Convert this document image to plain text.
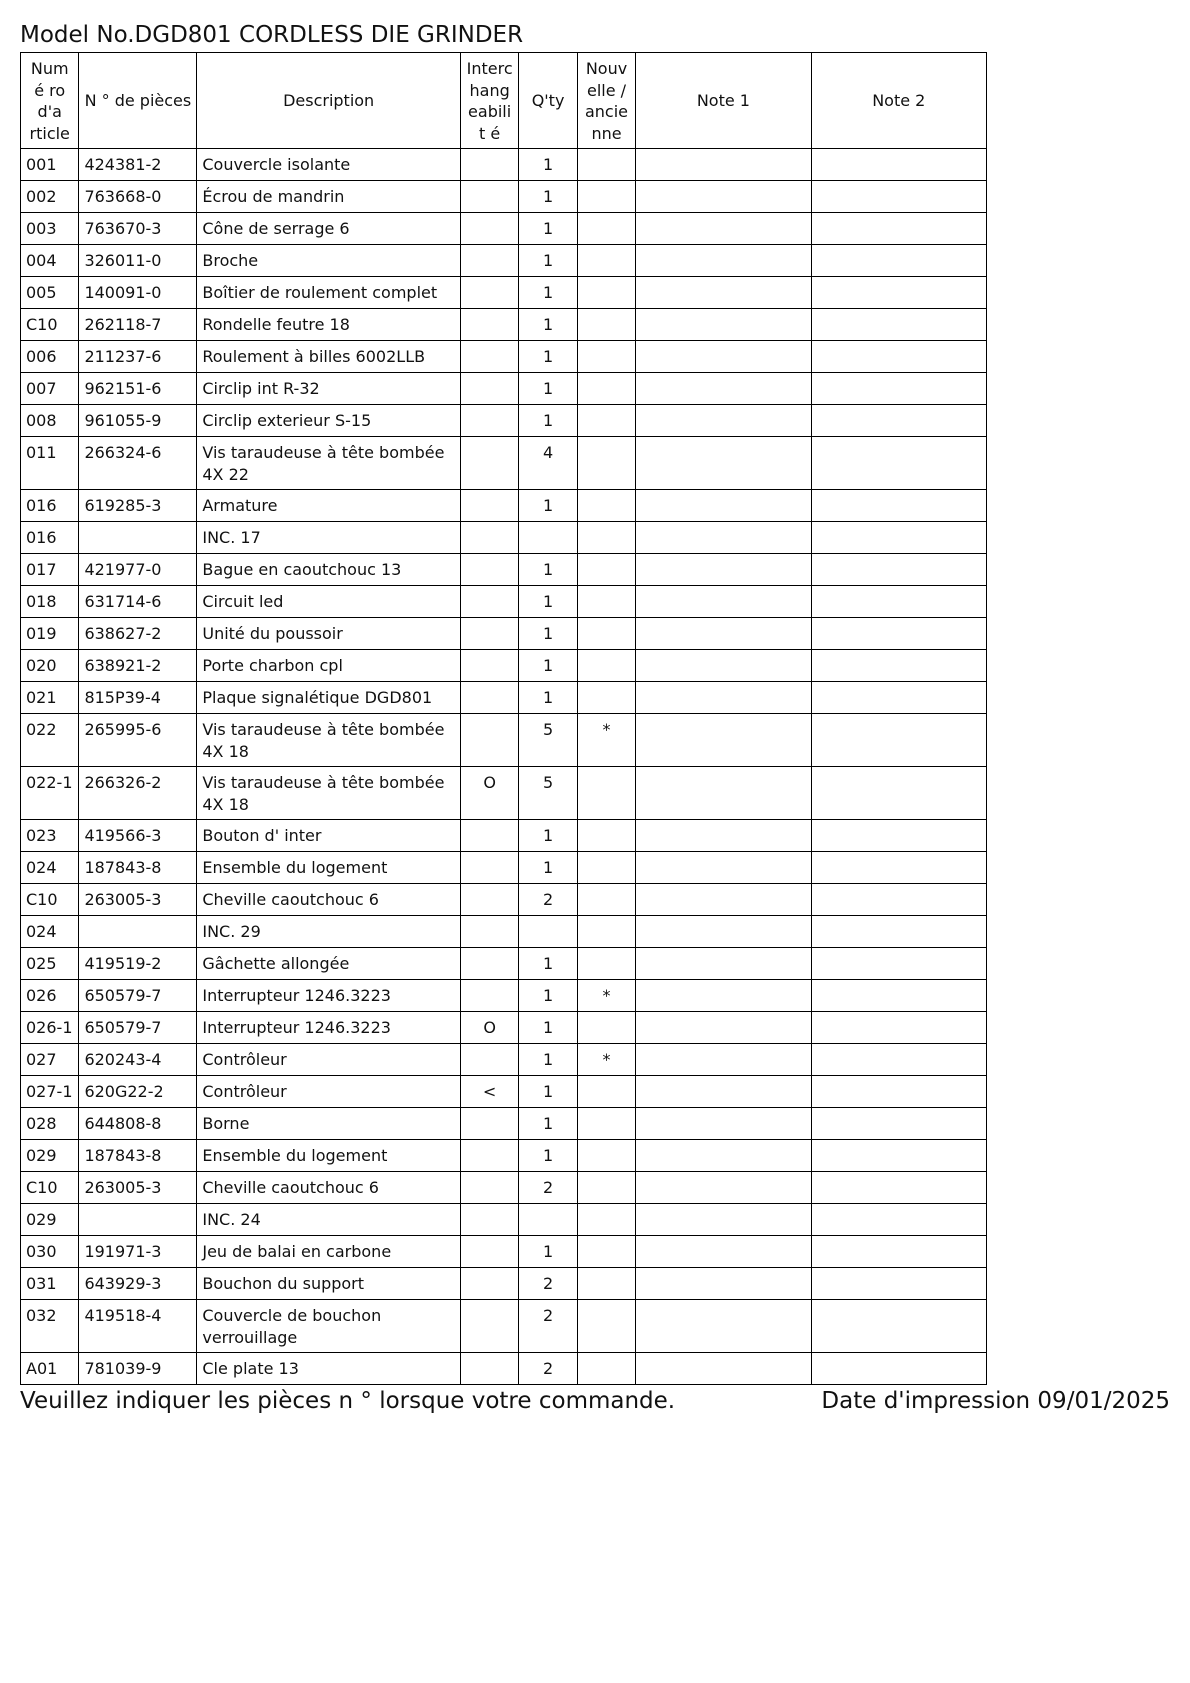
Model No.DGD801 CORDLESS DIE GRINDER
Numé ro d'a rticle	N ° de pièces	Description	Interc hang eabilit é	Q'ty	Nouv elle / ancie nne	Note 1	Note 2
001	424381-2	Couvercle isolante		1			
002	763668-0	Écrou de mandrin		1			
003	763670-3	Cône de serrage 6		1			
004	326011-0	Broche		1			
005	140091-0	Boîtier de roulement complet		1			
C10	262118-7	Rondelle feutre 18		1			
006	211237-6	Roulement à billes 6002LLB		1			
007	962151-6	Circlip int R-32		1			
008	961055-9	Circlip exterieur S-15		1			
011	266324-6	Vis taraudeuse à tête bombée 4X 22		4			
016	619285-3	Armature		1			
016		INC. 17					
017	421977-0	Bague en caoutchouc 13		1			
018	631714-6	Circuit led		1			
019	638627-2	Unité du poussoir		1			
020	638921-2	Porte charbon cpl		1			
021	815P39-4	Plaque signalétique DGD801		1			
022	265995-6	Vis taraudeuse à tête bombée 4X 18		5	*		
022-1	266326-2	Vis taraudeuse à tête bombée 4X 18	O	5			
023	419566-3	Bouton d' inter		1			
024	187843-8	Ensemble du logement		1			
C10	263005-3	Cheville caoutchouc 6		2			
024		INC. 29					
025	419519-2	Gâchette allongée		1			
026	650579-7	Interrupteur 1246.3223		1	*		
026-1	650579-7	Interrupteur 1246.3223	O	1			
027	620243-4	Contrôleur		1	*		
027-1	620G22-2	Contrôleur	<	1			
028	644808-8	Borne		1			
029	187843-8	Ensemble du logement		1			
C10	263005-3	Cheville caoutchouc 6		2			
029		INC. 24					
030	191971-3	Jeu de balai en carbone		1			
031	643929-3	Bouchon du support		2			
032	419518-4	Couvercle de bouchon verrouillage		2			
A01	781039-9	Cle plate 13		2			
Veuillez indiquer les pièces n ° lorsque votre commande.	Date d'impression 09/01/2025
